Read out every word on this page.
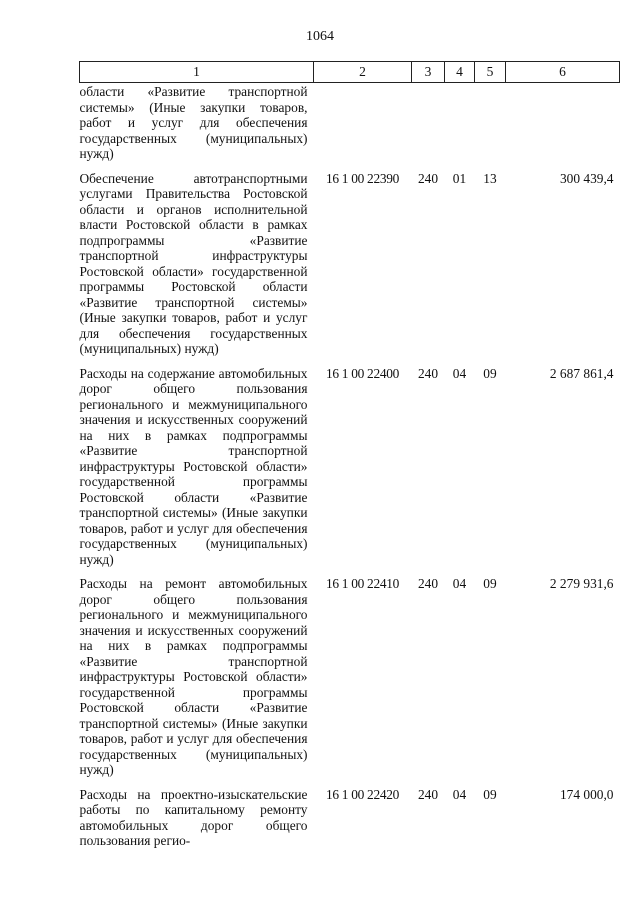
1064
1	2	3	4	5	6
области «Развитие транспортной системы» (Иные закупки товаров, работ и услуг для обеспечения государственных (муниципальных) нужд)					
Обеспечение автотранспортными услугами Правительства Ростовской области и органов исполнительной власти Ростовской области в рамках подпрограммы «Развитие транспортной инфраструктуры Ростовской области» государственной программы Ростовской области «Развитие транспортной системы» (Иные закупки товаров, работ и услуг для обеспечения государственных (муниципальных) нужд)	16 1 00 22390	240	01	13	300 439,4
Расходы на содержание автомобильных дорог общего пользования регионального и межмуниципального значения и искусственных сооружений на них в рамках подпрограммы «Развитие транспортной инфраструктуры Ростовской области» государственной программы Ростовской области «Развитие транспортной системы» (Иные закупки товаров, работ и услуг для обеспечения государственных (муниципальных) нужд)	16 1 00 22400	240	04	09	2 687 861,4
Расходы на ремонт автомобильных дорог общего пользования регионального и межмуниципального значения и искусственных сооружений на них в рамках подпрограммы «Развитие транспортной инфраструктуры Ростовской области» государственной программы Ростовской области «Развитие транспортной системы» (Иные закупки товаров, работ и услуг для обеспечения государственных (муниципальных) нужд)	16 1 00 22410	240	04	09	2 279 931,6
Расходы на проектно-изыскательские работы по капитальному ремонту автомобильных дорог общего пользования регио-	16 1 00 22420	240	04	09	174 000,0
